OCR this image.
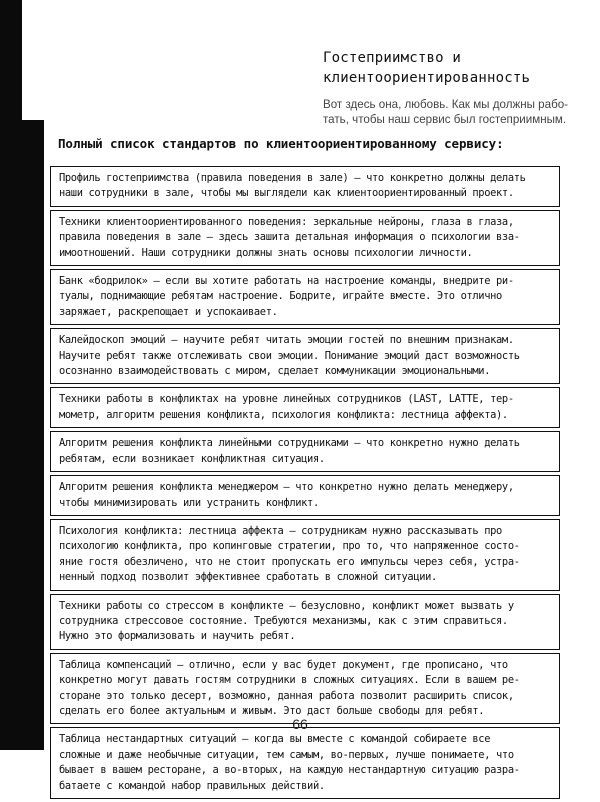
Гостеприимство и
клиентоориентированность
Вот здесь она, любовь. Как мы должны рабо-
тать, чтобы наш сервис был гостеприимным.
Полный список стандартов по клиентоориентированному сервису:
Профиль гостеприимства (правила поведения в зале) — что конкретно должны делать
наши сотрудники в зале, чтобы мы выглядели как клиентоориентированный проект.
Техники клиентоориентированного поведения: зеркальные нейроны, глаза в глаза,
правила поведения в зале — здесь зашита детальная информация о психологии вза-
имоотношений. Наши сотрудники должны знать основы психологии личности.
Банк «бодрилок» — если вы хотите работать на настроение команды, внедрите ри-
туалы, поднимающие ребятам настроение. Бодрите, играйте вместе. Это отлично
заряжает, раскрепощает и успокаивает.
Калейдоскоп эмоций — научите ребят читать эмоции гостей по внешним признакам.
Научите ребят также отслеживать свои эмоции. Понимание эмоций даст возможность
осознанно взаимодействовать с миром, сделает коммуникации эмоциональными.
Техники работы в конфликтах на уровне линейных сотрудников (LAST, LATTE, тер-
мометр, алгоритм решения конфликта, психология конфликта: лестница аффекта).
Алгоритм решения конфликта линейными сотрудниками — что конкретно нужно делать
ребятам, если возникает конфликтная ситуация.
Алгоритм решения конфликта менеджером — что конкретно нужно делать менеджеру,
чтобы минимизировать или устранить конфликт.
Психология конфликта: лестница аффекта — сотрудникам нужно рассказывать про
психологию конфликта, про копинговые стратегии, про то, что напряженное состо-
яние гостя обезличено, что не стоит пропускать его импульсы через себя, устра-
ненный подход позволит эффективнее сработать в сложной ситуации.
Техники работы со стрессом в конфликте — безусловно, конфликт может вызвать у
сотрудника стрессовое состояние. Требуются механизмы, как с этим справиться.
Нужно это формализовать и научить ребят.
Таблица компенсаций — отлично, если у вас будет документ, где прописано, что
конкретно могут давать гостям сотрудники в сложных ситуациях. Если в вашем ре-
сторане это только десерт, возможно, данная работа позволит расширить список,
сделать его более актуальным и живым. Это даст больше свободы для ребят.
Таблица нестандартных ситуаций — когда вы вместе с командой собираете все
сложные и даже необычные ситуации, тем самым, во-первых, лучше понимаете, что
бывает в вашем ресторане, а во-вторых, на каждую нестандартную ситуацию разра-
батаете с командой набор правильных действий.
66
